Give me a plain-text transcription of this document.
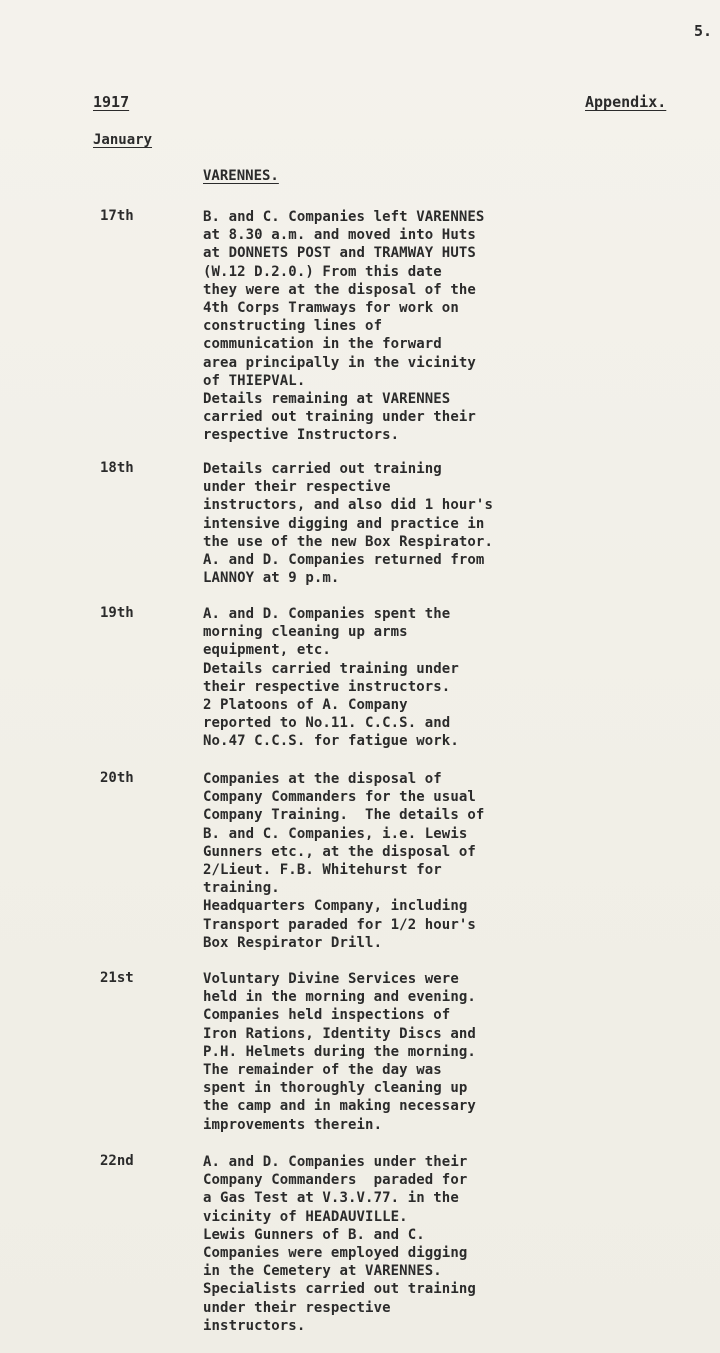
5.
1917	Appendix.
January
VARENNES.
17th	B. and C. Companies left VARENNES
at 8.30 a.m. and moved into Huts
at DONNETS POST and TRAMWAY HUTS
(W.12 D.2.0.) From this date
they were at the disposal of the
4th Corps Tramways for work on
constructing lines of
communication in the forward
area principally in the vicinity
of THIEPVAL.
Details remaining at VARENNES
carried out training under their
respective Instructors.
18th	Details carried out training
under their respective
instructors, and also did 1 hour's
intensive digging and practice in
the use of the new Box Respirator.
A. and D. Companies returned from
LANNOY at 9 p.m.
19th	A. and D. Companies spent the
morning cleaning up arms
equipment, etc.
Details carried training under
their respective instructors.
2 Platoons of A. Company
reported to No.11. C.C.S. and
No.47 C.C.S. for fatigue work.
20th	Companies at the disposal of
Company Commanders for the usual
Company Training.  The details of
B. and C. Companies, i.e. Lewis
Gunners etc., at the disposal of
2/Lieut. F.B. Whitehurst for
training.
Headquarters Company, including
Transport paraded for 1/2 hour's
Box Respirator Drill.
21st	Voluntary Divine Services were
held in the morning and evening.
Companies held inspections of
Iron Rations, Identity Discs and
P.H. Helmets during the morning.
The remainder of the day was
spent in thoroughly cleaning up
the camp and in making necessary
improvements therein.
22nd	A. and D. Companies under their
Company Commanders  paraded for
a Gas Test at V.3.V.77. in the
vicinity of HEADAUVILLE.
Lewis Gunners of B. and C.
Companies were employed digging
in the Cemetery at VARENNES.
Specialists carried out training
under their respective
instructors.
